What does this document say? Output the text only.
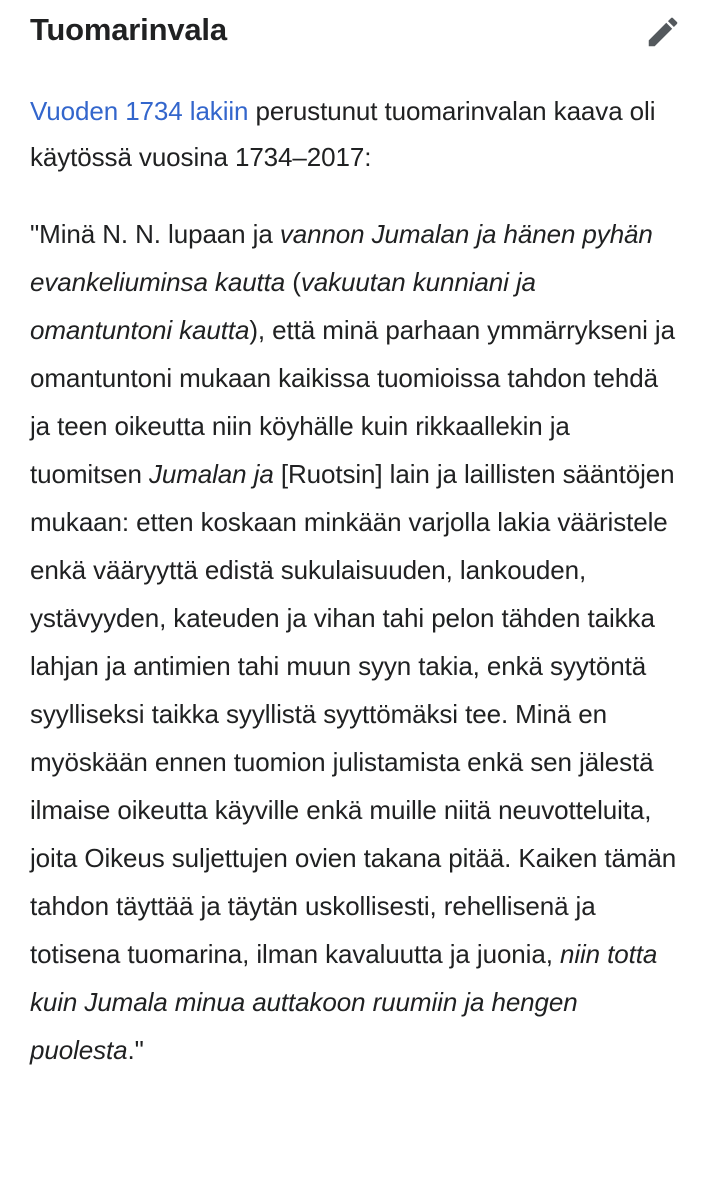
Tuomarinvala

Vuoden 1734 lakiin perustunut tuomarinvalan kaava oli käytössä vuosina 1734–2017:

"Minä N. N. lupaan ja vannon Jumalan ja hänen pyhän evankeliuminsa kautta (vakuutan kunniani ja omantuntoni kautta), että minä parhaan ymmärrykseni ja omantuntoni mukaan kaikissa tuomioissa tahdon tehdä ja teen oikeutta niin köyhälle kuin rikkaallekin ja tuomitsen Jumalan ja [Ruotsin] lain ja laillisten sääntöjen mukaan: etten koskaan minkään varjolla lakia vääristele enkä vääryyttä edistä sukulaisuuden, lankouden, ystävyyden, kateuden ja vihan tahi pelon tähden taikka lahjan ja antimien tahi muun syyn takia, enkä syytöntä syylliseksi taikka syyllistä syyttömäksi tee. Minä en myöskään ennen tuomion julistamista enkä sen jälestä ilmaise oikeutta käyville enkä muille niitä neuvotteluita, joita Oikeus suljettujen ovien takana pitää. Kaiken tämän tahdon täyttää ja täytän uskollisesti, rehellisenä ja totisena tuomarina, ilman kavaluutta ja juonia, niin totta kuin Jumala minua auttakoon ruumiin ja hengen puolesta."
